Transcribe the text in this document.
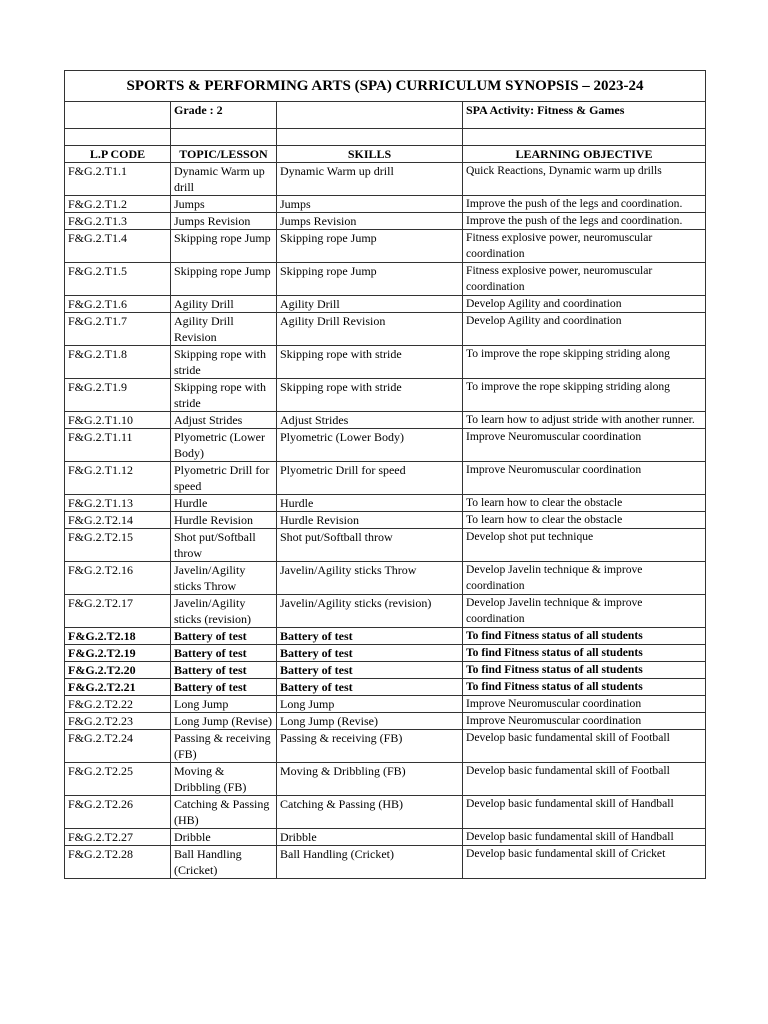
SPORTS & PERFORMING ARTS (SPA) CURRICULUM SYNOPSIS – 2023-24			
	Grade : 2		SPA Activity: Fitness & Games

L.P CODE	TOPIC/LESSON	SKILLS	LEARNING OBJECTIVE
F&G.2.T1.1	Dynamic Warm up drill	Dynamic Warm up drill	Quick Reactions, Dynamic warm up drills
F&G.2.T1.2	Jumps	Jumps	Improve the push of the legs and coordination.
F&G.2.T1.3	Jumps Revision	Jumps Revision	Improve the push of the legs and coordination.
F&G.2.T1.4	Skipping rope Jump	Skipping rope Jump	Fitness explosive power, neuromuscular coordination
F&G.2.T1.5	Skipping rope Jump	Skipping rope Jump	Fitness explosive power, neuromuscular coordination
F&G.2.T1.6	Agility Drill	Agility Drill	Develop Agility and coordination
F&G.2.T1.7	Agility Drill Revision	Agility Drill Revision	Develop Agility and coordination
F&G.2.T1.8	Skipping rope with stride	Skipping rope with stride	To improve the rope skipping striding along
F&G.2.T1.9	Skipping rope with stride	Skipping rope with stride	To improve the rope skipping striding along
F&G.2.T1.10	Adjust Strides	Adjust Strides	To learn how to adjust stride with another runner.
F&G.2.T1.11	Plyometric (Lower Body)	Plyometric (Lower Body)	Improve Neuromuscular coordination
F&G.2.T1.12	Plyometric Drill for speed	Plyometric Drill for speed	Improve Neuromuscular coordination
F&G.2.T1.13	Hurdle	Hurdle	To learn how to clear the obstacle
F&G.2.T2.14	Hurdle Revision	Hurdle Revision	To learn how to clear the obstacle
F&G.2.T2.15	Shot put/Softball throw	Shot put/Softball throw	Develop shot put technique
F&G.2.T2.16	Javelin/Agility sticks Throw	Javelin/Agility sticks Throw	Develop Javelin technique & improve coordination
F&G.2.T2.17	Javelin/Agility sticks (revision)	Javelin/Agility sticks (revision)	Develop Javelin technique & improve coordination
F&G.2.T2.18	Battery of test	Battery of test	To find Fitness status of all students
F&G.2.T2.19	Battery of test	Battery of test	To find Fitness status of all students
F&G.2.T2.20	Battery of test	Battery of test	To find Fitness status of all students
F&G.2.T2.21	Battery of test	Battery of test	To find Fitness status of all students
F&G.2.T2.22	Long Jump	Long Jump	Improve Neuromuscular coordination
F&G.2.T2.23	Long Jump (Revise)	Long Jump (Revise)	Improve Neuromuscular coordination
F&G.2.T2.24	Passing & receiving (FB)	Passing & receiving (FB)	Develop basic fundamental skill of Football
F&G.2.T2.25	Moving & Dribbling (FB)	Moving & Dribbling (FB)	Develop basic fundamental skill of Football
F&G.2.T2.26	Catching & Passing (HB)	Catching & Passing (HB)	Develop basic fundamental skill of Handball
F&G.2.T2.27	Dribble	Dribble	Develop basic fundamental skill of Handball
F&G.2.T2.28	Ball Handling (Cricket)	Ball Handling (Cricket)	Develop basic fundamental skill of Cricket
